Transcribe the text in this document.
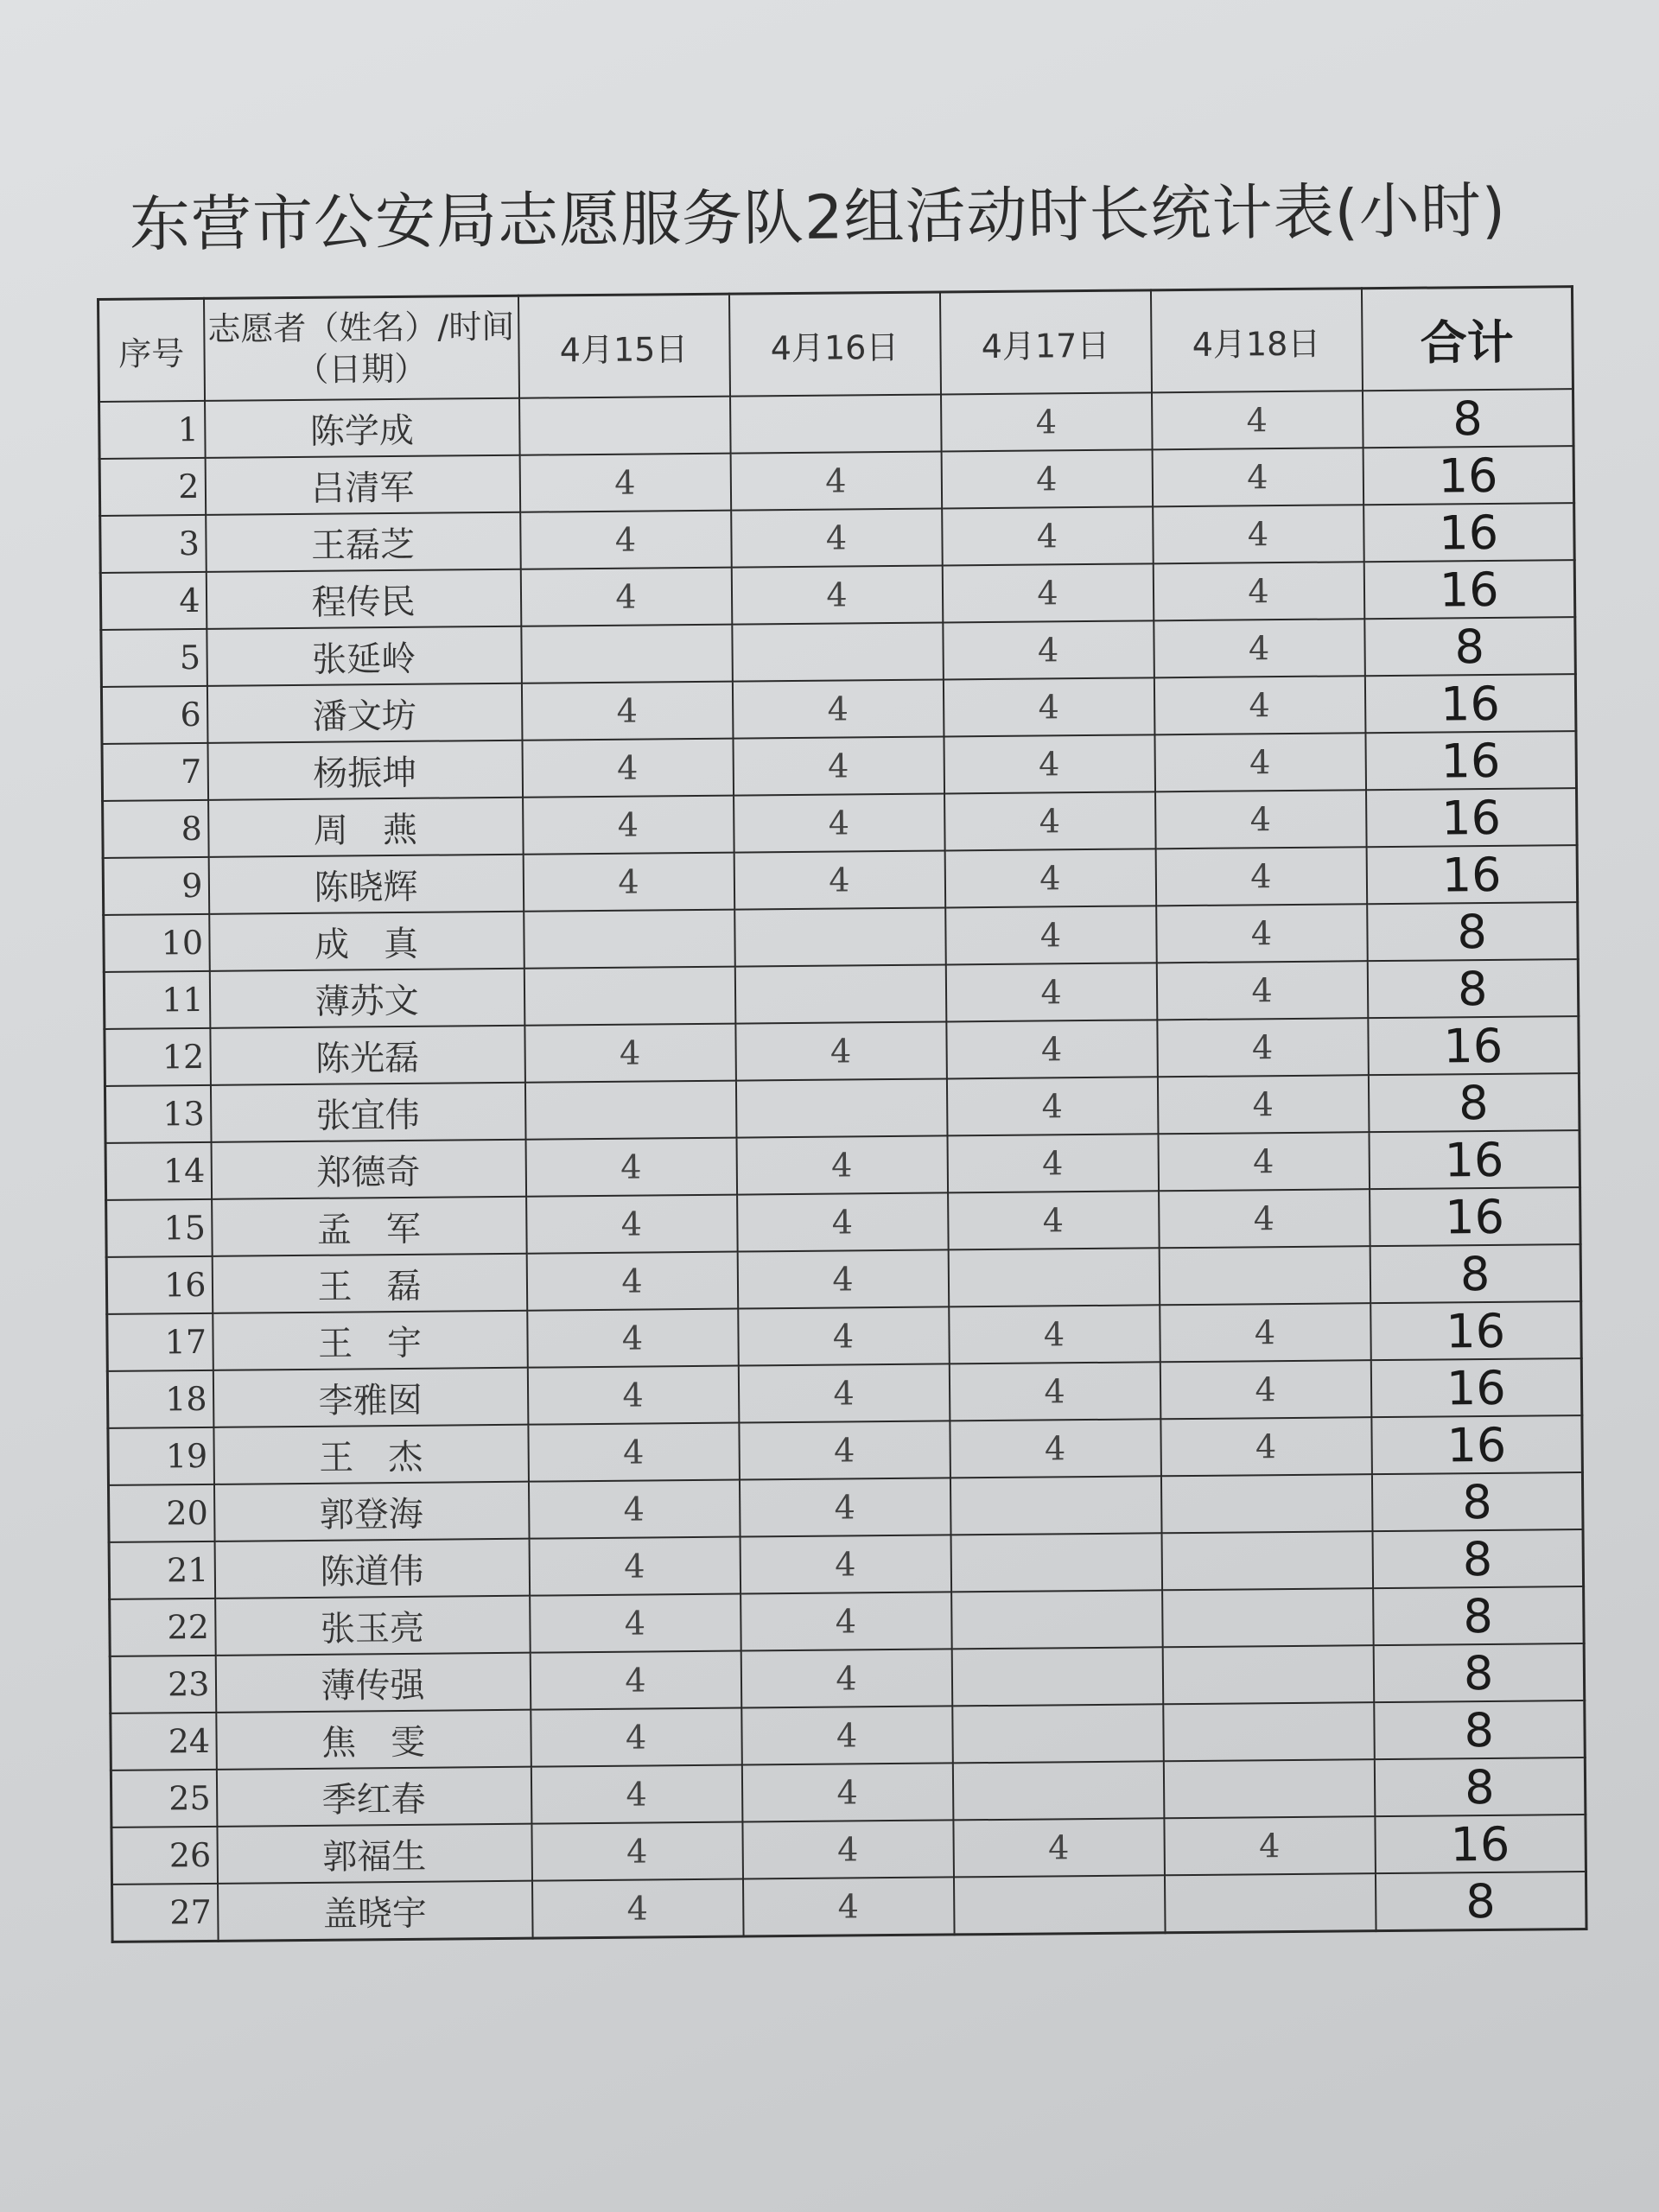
东营市公安局志愿服务队2组活动时长统计表(小时)
序号	志愿者（姓名）/时间（日期）	4月15日	4月16日	4月17日	4月18日	合计
1	陈学成			4	4	8
2	吕清军	4	4	4	4	16
3	王磊芝	4	4	4	4	16
4	程传民	4	4	4	4	16
5	张延岭			4	4	8
6	潘文坊	4	4	4	4	16
7	杨振坤	4	4	4	4	16
8	周　燕	4	4	4	4	16
9	陈晓辉	4	4	4	4	16
10	成　真			4	4	8
11	薄苏文			4	4	8
12	陈光磊	4	4	4	4	16
13	张宜伟			4	4	8
14	郑德奇	4	4	4	4	16
15	孟　军	4	4	4	4	16
16	王　磊	4	4			8
17	王　宇	4	4	4	4	16
18	李雅囡	4	4	4	4	16
19	王　杰	4	4	4	4	16
20	郭登海	4	4			8
21	陈道伟	4	4			8
22	张玉亮	4	4			8
23	薄传强	4	4			8
24	焦　雯	4	4			8
25	季红春	4	4			8
26	郭福生	4	4	4	4	16
27	盖晓宇	4	4			8
